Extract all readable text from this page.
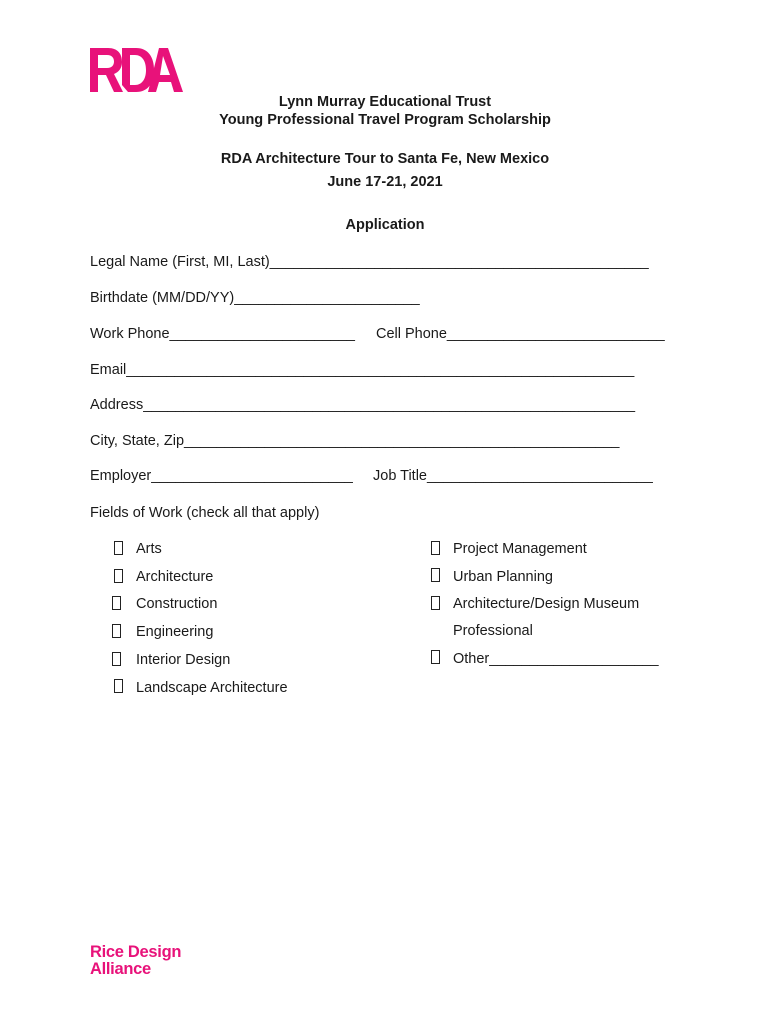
Lynn Murray Educational Trust
Young Professional Travel Program Scholarship
RDA Architecture Tour to Santa Fe, New Mexico
June 17-21, 2021
Application
Legal Name (First, MI, Last)_______________________________________________
Birthdate (MM/DD/YY)_______________________
Work Phone_______________________ Cell Phone___________________________
Email_______________________________________________________________
Address_____________________________________________________________
City, State, Zip______________________________________________________
Employer_________________________ Job Title____________________________
Fields of Work (check all that apply)
Arts
Architecture
Construction
Engineering
Interior Design
Landscape Architecture
Project Management
Urban Planning
Architecture/Design Museum
Professional
Other_____________________
Rice Design
Alliance
